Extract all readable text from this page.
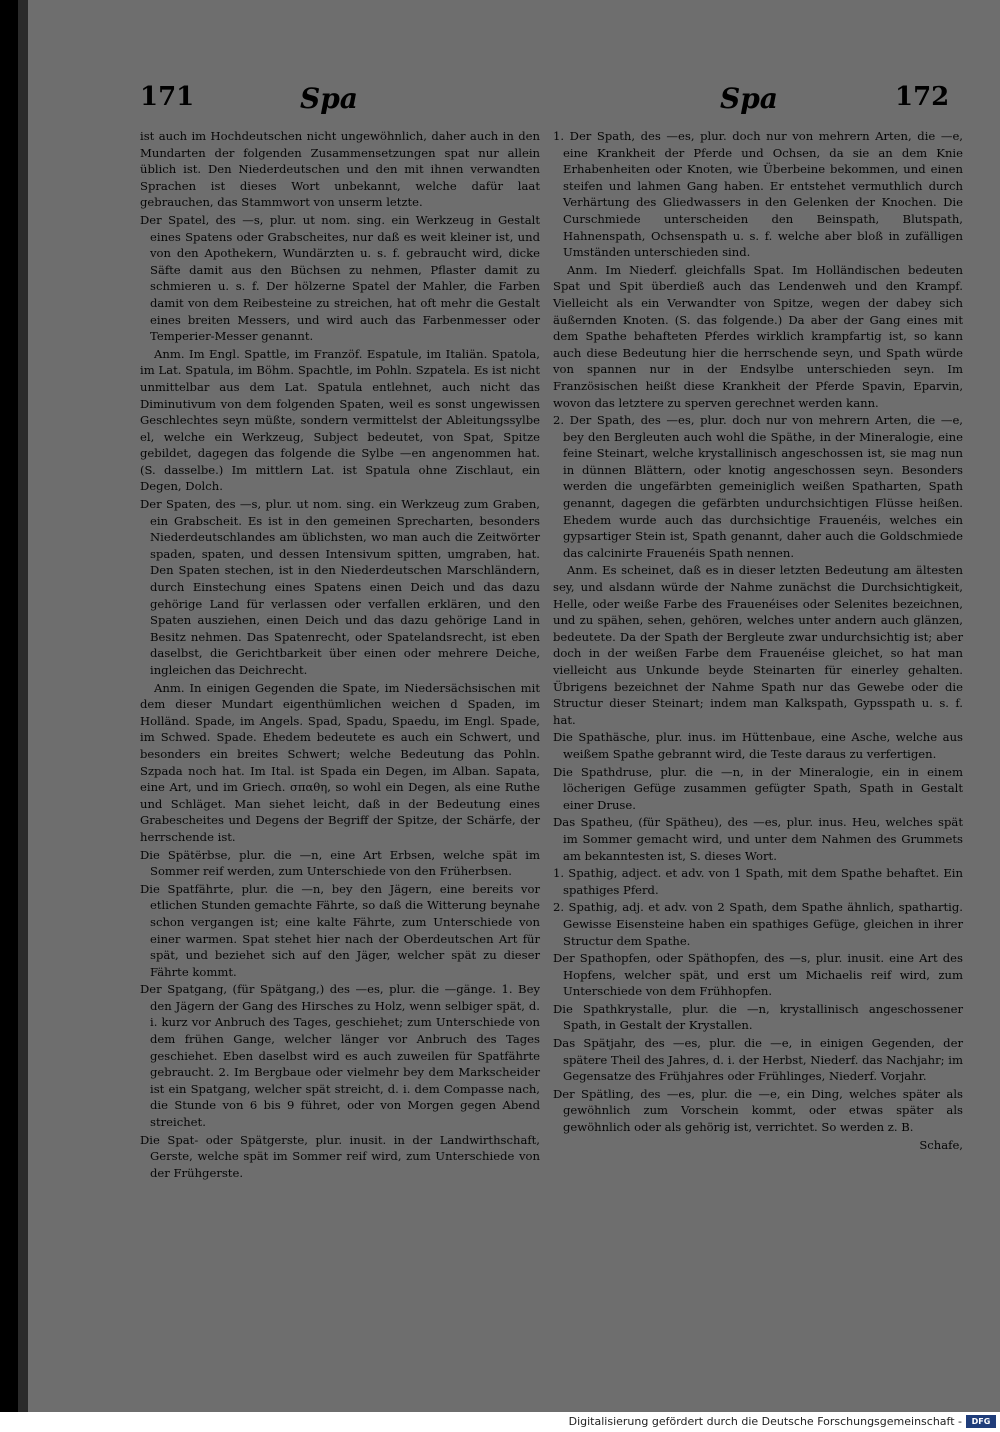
171	Spa	Spa	172

ist auch im Hochdeutschen nicht ungewöhnlich, daher auch in den Mundarten der folgenden Zusammensetzungen spat nur allein üblich ist. Den Niederdeutschen und den mit ihnen verwandten Sprachen ist dieses Wort unbekannt, welche dafür laat gebrauchen, das Stammwort von unserm letzte.

Der Spatel, des —s, plur. ut nom. sing. ein Werkzeug in Gestalt eines Spatens oder Grabscheites, nur daß es weit kleiner ist, und von den Apothekern, Wundärzten u. s. f. gebraucht wird, dicke Säfte damit aus den Büchsen zu nehmen, Pflaster damit zu schmieren u. s. f. Der hölzerne Spatel der Mahler, die Farben damit von dem Reibesteine zu streichen, hat oft mehr die Gestalt eines breiten Messers, und wird auch das Farbenmesser oder Temperier-Messer genannt.

Anm. Im Engl. Spattle, im Franzöf. Espatule, im Italiän. Spatola, im Lat. Spatula, im Böhm. Spachtle, im Pohln. Szpatela. Es ist nicht unmittelbar aus dem Lat. Spatula entlehnet, auch nicht das Diminutivum von dem folgenden Spaten, weil es sonst ungewissen Geschlechtes seyn müßte, sondern vermittelst der Ableitungssylbe el, welche ein Werkzeug, Subject bedeutet, von Spat, Spitze gebildet, dagegen das folgende die Sylbe —en angenommen hat. (S. dasselbe.) Im mittlern Lat. ist Spatula ohne Zischlaut, ein Degen, Dolch.

Der Spaten, des —s, plur. ut nom. sing. ein Werkzeug zum Graben, ein Grabscheit. Es ist in den gemeinen Sprecharten, besonders Niederdeutschlandes am üblichsten, wo man auch die Zeitwörter spaden, spaten, und dessen Intensivum spitten, umgraben, hat. Den Spaten stechen, ist in den Niederdeutschen Marschländern, durch Einstechung eines Spatens einen Deich und das dazu gehörige Land für verlassen oder verfallen erklären, und den Spaten ausziehen, einen Deich und das dazu gehörige Land in Besitz nehmen. Das Spatenrecht, oder Spatelandsrecht, ist eben daselbst, die Gerichtbarkeit über einen oder mehrere Deiche, ingleichen das Deichrecht.

Anm. In einigen Gegenden die Spate, im Niedersächsischen mit dem dieser Mundart eigenthümlichen weichen d Spaden, im Holländ. Spade, im Angels. Spad, Spadu, Spaedu, im Engl. Spade, im Schwed. Spade. Ehedem bedeutete es auch ein Schwert, und besonders ein breites Schwert; welche Bedeutung das Pohln. Szpada noch hat. Im Ital. ist Spada ein Degen, im Alban. Sapata, eine Art, und im Griech. σπαθη, so wohl ein Degen, als eine Ruthe und Schläget. Man siehet leicht, daß in der Bedeutung eines Grabescheites und Degens der Begriff der Spitze, der Schärfe, der herrschende ist.

Die Spätërbse, plur. die —n, eine Art Erbsen, welche spät im Sommer reif werden, zum Unterschiede von den Früherbsen.

Die Spatfährte, plur. die —n, bey den Jägern, eine bereits vor etlichen Stunden gemachte Fährte, so daß die Witterung beynahe schon vergangen ist; eine kalte Fährte, zum Unterschiede von einer warmen. Spat stehet hier nach der Oberdeutschen Art für spät, und beziehet sich auf den Jäger, welcher spät zu dieser Fährte kommt.

Der Spatgang, (für Spätgang,) des —es, plur. die —gänge. 1. Bey den Jägern der Gang des Hirsches zu Holz, wenn selbiger spät, d. i. kurz vor Anbruch des Tages, geschiehet; zum Unterschiede von dem frühen Gange, welcher länger vor Anbruch des Tages geschiehet. Eben daselbst wird es auch zuweilen für Spatfährte gebraucht. 2. Im Bergbaue oder vielmehr bey dem Markscheider ist ein Spatgang, welcher spät streicht, d. i. dem Compasse nach, die Stunde von 6 bis 9 führet, oder von Morgen gegen Abend streichet.

Die Spat- oder Spätgerste, plur. inusit. in der Landwirthschaft, Gerste, welche spät im Sommer reif wird, zum Unterschiede von der Frühgerste.

1. Der Spath, des —es, plur. doch nur von mehrern Arten, die —e, eine Krankheit der Pferde und Ochsen, da sie an dem Knie Erhabenheiten oder Knoten, wie Überbeine bekommen, und einen steifen und lahmen Gang haben. Er entstehet vermuthlich durch Verhärtung des Gliedwassers in den Gelenken der Knochen. Die Curschmiede unterscheiden den Beinspath, Blutspath, Hahnenspath, Ochsenspath u. s. f. welche aber bloß in zufälligen Umständen unterschieden sind.

Anm. Im Niederf. gleichfalls Spat. Im Holländischen bedeuten Spat und Spit überdieß auch das Lendenweh und den Krampf. Vielleicht als ein Verwandter von Spitze, wegen der dabey sich äußernden Knoten. (S. das folgende.) Da aber der Gang eines mit dem Spathe behafteten Pferdes wirklich krampfartig ist, so kann auch diese Bedeutung hier die herrschende seyn, und Spath würde von spannen nur in der Endsylbe unterschieden seyn. Im Französischen heißt diese Krankheit der Pferde Spavin, Eparvin, wovon das letztere zu sperven gerechnet werden kann.

2. Der Spath, des —es, plur. doch nur von mehrern Arten, die —e, bey den Bergleuten auch wohl die Späthe, in der Mineralogie, eine feine Steinart, welche krystallinisch angeschossen ist, sie mag nun in dünnen Blättern, oder knotig angeschossen seyn. Besonders werden die ungefärbten gemeiniglich weißen Spatharten, Spath genannt, dagegen die gefärbten undurchsichtigen Flüsse heißen. Ehedem wurde auch das durchsichtige Frauenéis, welches ein gypsartiger Stein ist, Spath genannt, daher auch die Goldschmiede das calcinirte Frauenéis Spath nennen.

Anm. Es scheinet, daß es in dieser letzten Bedeutung am ältesten sey, und alsdann würde der Nahme zunächst die Durchsichtigkeit, Helle, oder weiße Farbe des Frauenéises oder Selenites bezeichnen, und zu spähen, sehen, gehören, welches unter andern auch glänzen, bedeutete. Da der Spath der Bergleute zwar undurchsichtig ist; aber doch in der weißen Farbe dem Frauenéise gleichet, so hat man vielleicht aus Unkunde beyde Steinarten für einerley gehalten. Übrigens bezeichnet der Nahme Spath nur das Gewebe oder die Structur dieser Steinart; indem man Kalkspath, Gypsspath u. s. f. hat.

Die Spathäsche, plur. inus. im Hüttenbaue, eine Asche, welche aus weißem Spathe gebrannt wird, die Teste daraus zu verfertigen.

Die Spathdruse, plur. die —n, in der Mineralogie, ein in einem löcherigen Gefüge zusammen gefügter Spath, Spath in Gestalt einer Druse.

Das Spatheu, (für Spätheu), des —es, plur. inus. Heu, welches spät im Sommer gemacht wird, und unter dem Nahmen des Grummets am bekanntesten ist, S. dieses Wort.

1. Spathig, adject. et adv. von 1 Spath, mit dem Spathe behaftet. Ein spathiges Pferd.

2. Spathig, adj. et adv. von 2 Spath, dem Spathe ähnlich, spathartig. Gewisse Eisensteine haben ein spathiges Gefüge, gleichen in ihrer Structur dem Spathe.

Der Spathopfen, oder Späthopfen, des —s, plur. inusit. eine Art des Hopfens, welcher spät, und erst um Michaelis reif wird, zum Unterschiede von dem Frühhopfen.

Die Spathkrystalle, plur. die —n, krystallinisch angeschossener Spath, in Gestalt der Krystallen.

Das Spätjahr, des —es, plur. die —e, in einigen Gegenden, der spätere Theil des Jahres, d. i. der Herbst, Niederf. das Nachjahr; im Gegensatze des Frühjahres oder Frühlinges, Niederf. Vorjahr.

Der Spätling, des —es, plur. die —e, ein Ding, welches später als gewöhnlich zum Vorschein kommt, oder etwas später als gewöhnlich oder als gehörig ist, verrichtet. So werden z. B.

Schafe,

Digitalisierung gefördert durch die Deutsche Forschungsgemeinschaft -	DFG
